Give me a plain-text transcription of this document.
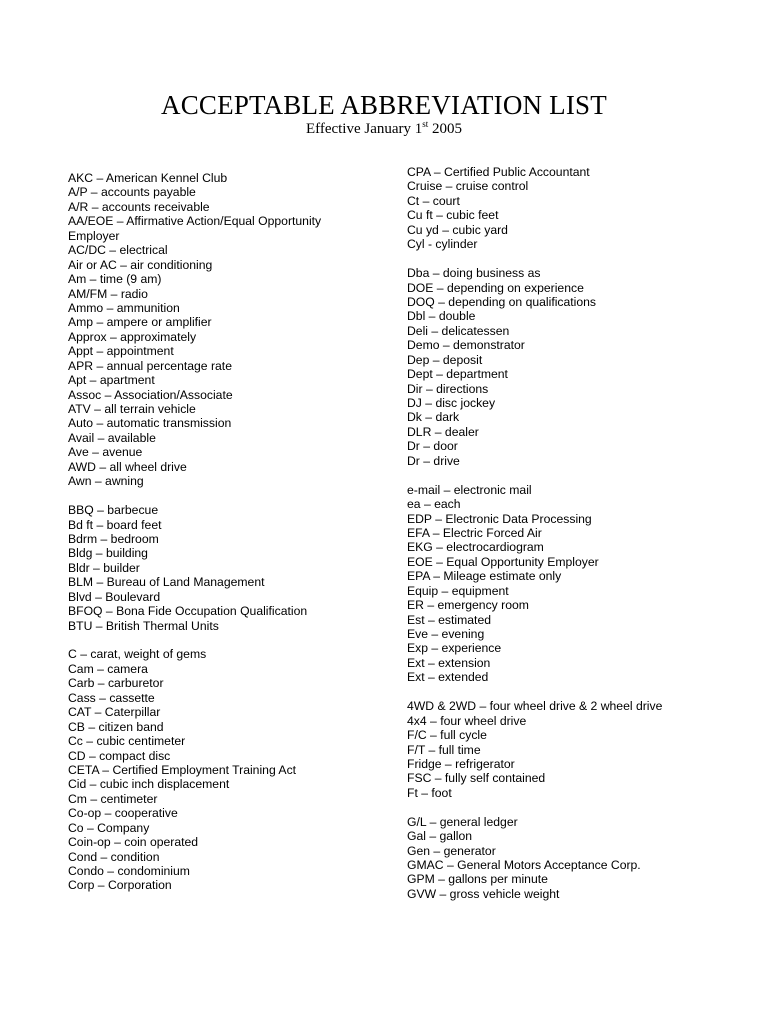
ACCEPTABLE ABBREVIATION LIST
Effective January 1st 2005
AKC – American Kennel Club
A/P – accounts payable
A/R – accounts receivable
AA/EOE – Affirmative Action/Equal Opportunity
Employer
AC/DC – electrical
Air or AC – air conditioning
Am – time (9 am)
AM/FM – radio
Ammo – ammunition
Amp – ampere or amplifier
Approx – approximately
Appt – appointment
APR – annual percentage rate
Apt – apartment
Assoc – Association/Associate
ATV – all terrain vehicle
Auto – automatic transmission
Avail – available
Ave – avenue
AWD – all wheel drive
Awn – awning
BBQ – barbecue
Bd ft – board feet
Bdrm – bedroom
Bldg – building
Bldr – builder
BLM – Bureau of Land Management
Blvd – Boulevard
BFOQ – Bona Fide Occupation Qualification
BTU – British Thermal Units
C – carat, weight of gems
Cam – camera
Carb – carburetor
Cass – cassette
CAT – Caterpillar
CB – citizen band
Cc – cubic centimeter
CD – compact disc
CETA – Certified Employment Training Act
Cid – cubic inch displacement
Cm – centimeter
Co-op – cooperative
Co – Company
Coin-op – coin operated
Cond – condition
Condo – condominium
Corp – Corporation
CPA – Certified Public Accountant
Cruise – cruise control
Ct – court
Cu ft – cubic feet
Cu yd – cubic yard
Cyl - cylinder
Dba – doing business as
DOE – depending on experience
DOQ – depending on qualifications
Dbl – double
Deli – delicatessen
Demo – demonstrator
Dep – deposit
Dept – department
Dir – directions
DJ – disc jockey
Dk – dark
DLR – dealer
Dr – door
Dr – drive
e-mail – electronic mail
ea – each
EDP – Electronic Data Processing
EFA – Electric Forced Air
EKG – electrocardiogram
EOE – Equal Opportunity Employer
EPA – Mileage estimate only
Equip – equipment
ER – emergency room
Est – estimated
Eve – evening
Exp – experience
Ext – extension
Ext – extended
4WD & 2WD – four wheel drive & 2 wheel drive
4x4 – four wheel drive
F/C – full cycle
F/T – full time
Fridge – refrigerator
FSC – fully self contained
Ft – foot
G/L – general ledger
Gal – gallon
Gen – generator
GMAC – General Motors Acceptance Corp.
GPM – gallons per minute
GVW – gross vehicle weight
